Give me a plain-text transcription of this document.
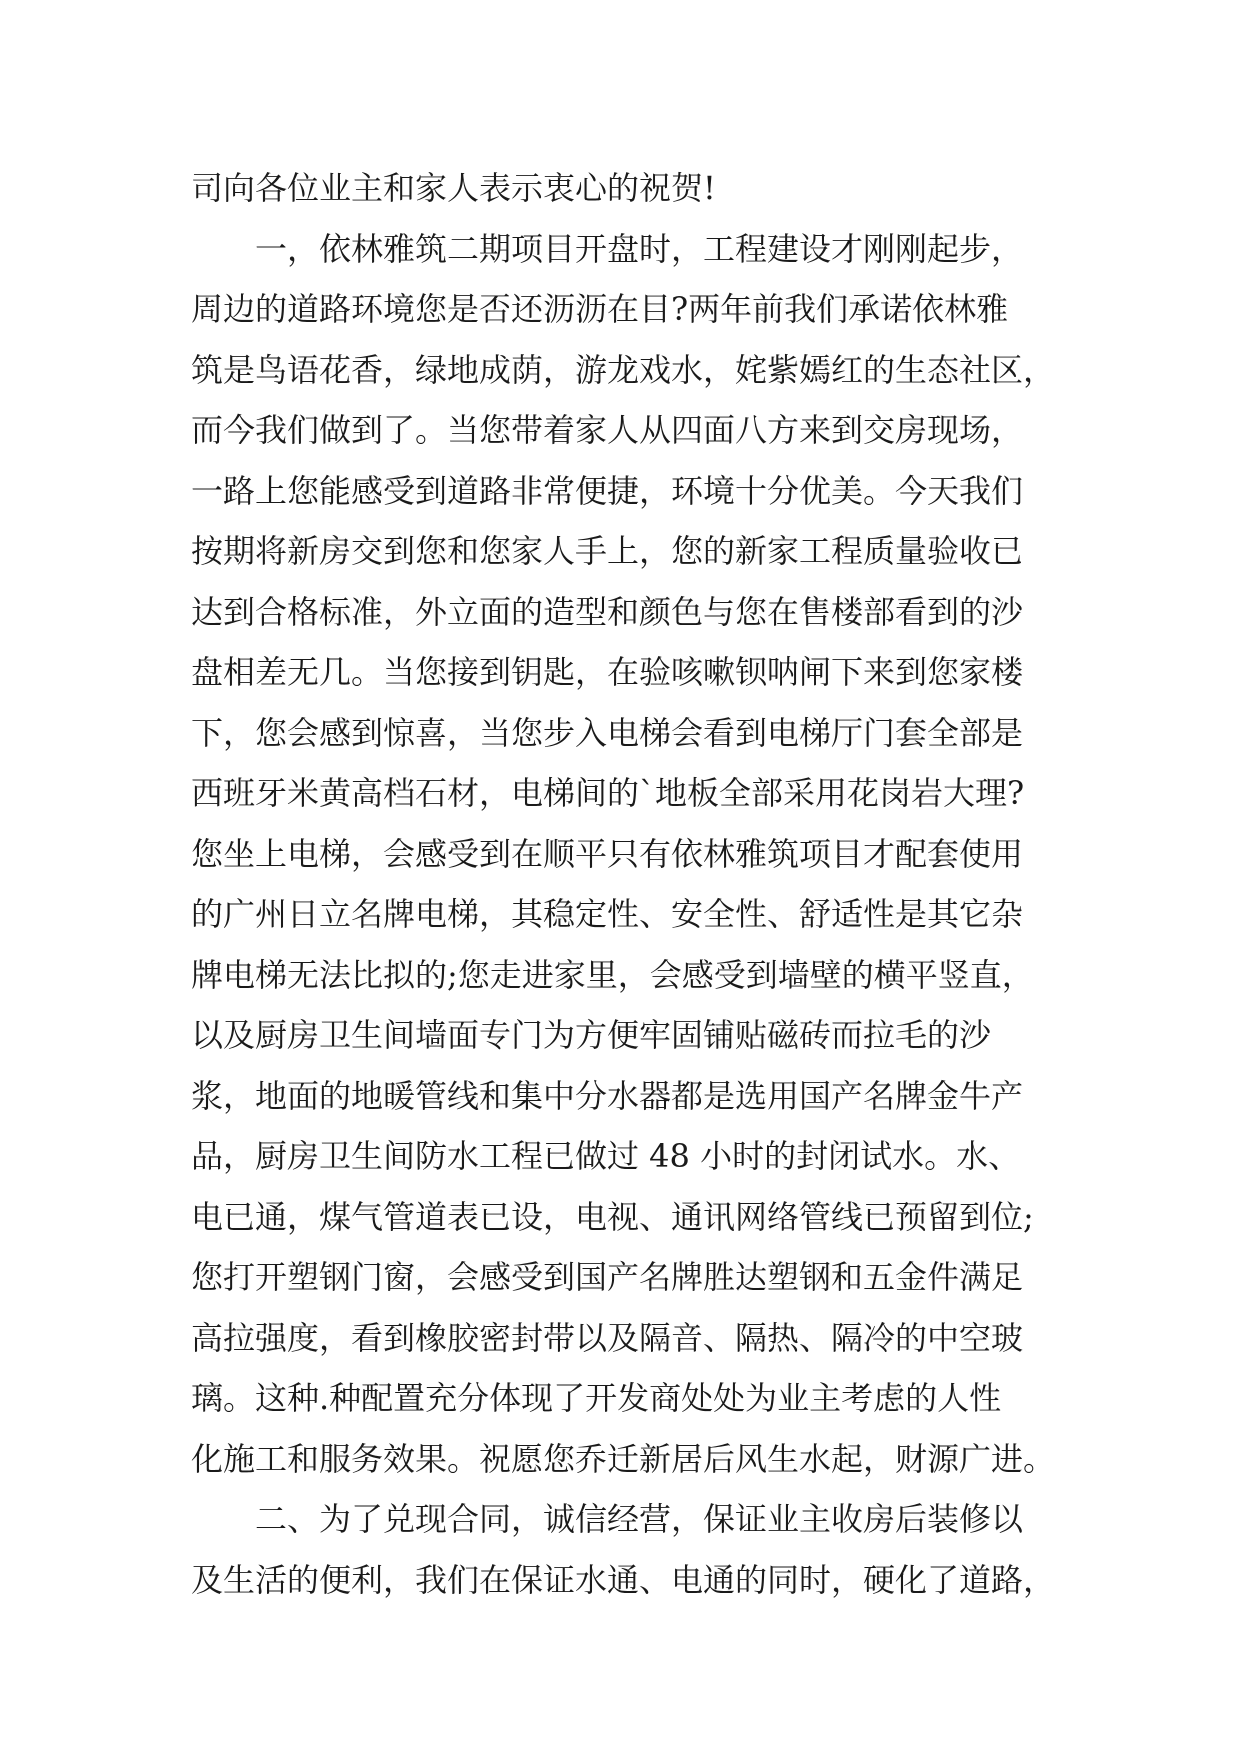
司向各位业主和家人表示衷心的祝贺!
一，依林雅筑二期项目开盘时，工程建设才刚刚起步，
周边的道路环境您是否还沥沥在目?两年前我们承诺依林雅
筑是鸟语花香，绿地成荫，游龙戏水，姹紫嫣红的生态社区，
而今我们做到了。当您带着家人从四面八方来到交房现场，
一路上您能感受到道路非常便捷，环境十分优美。今天我们
按期将新房交到您和您家人手上，您的新家工程质量验收已
达到合格标准，外立面的造型和颜色与您在售楼部看到的沙
盘相差无几。当您接到钥匙，在验咳嗽钡呐闸下来到您家楼
下，您会感到惊喜，当您步入电梯会看到电梯厅门套全部是
西班牙米黄高档石材，电梯间的`地板全部采用花岗岩大理?
您坐上电梯，会感受到在顺平只有依林雅筑项目才配套使用
的广州日立名牌电梯，其稳定性、安全性、舒适性是其它杂
牌电梯无法比拟的;您走进家里，会感受到墙壁的横平竖直，
以及厨房卫生间墙面专门为方便牢固铺贴磁砖而拉毛的沙
浆，地面的地暖管线和集中分水器都是选用国产名牌金牛产
品，厨房卫生间防水工程已做过 48 小时的封闭试水。水、
电已通，煤气管道表已设，电视、通讯网络管线已预留到位;
您打开塑钢门窗，会感受到国产名牌胜达塑钢和五金件满足
高拉强度，看到橡胶密封带以及隔音、隔热、隔冷的中空玻
璃。这种.种配置充分体现了开发商处处为业主考虑的人性
化施工和服务效果。祝愿您乔迁新居后风生水起，财源广进。
二、为了兑现合同，诚信经营，保证业主收房后装修以
及生活的便利，我们在保证水通、电通的同时，硬化了道路，
